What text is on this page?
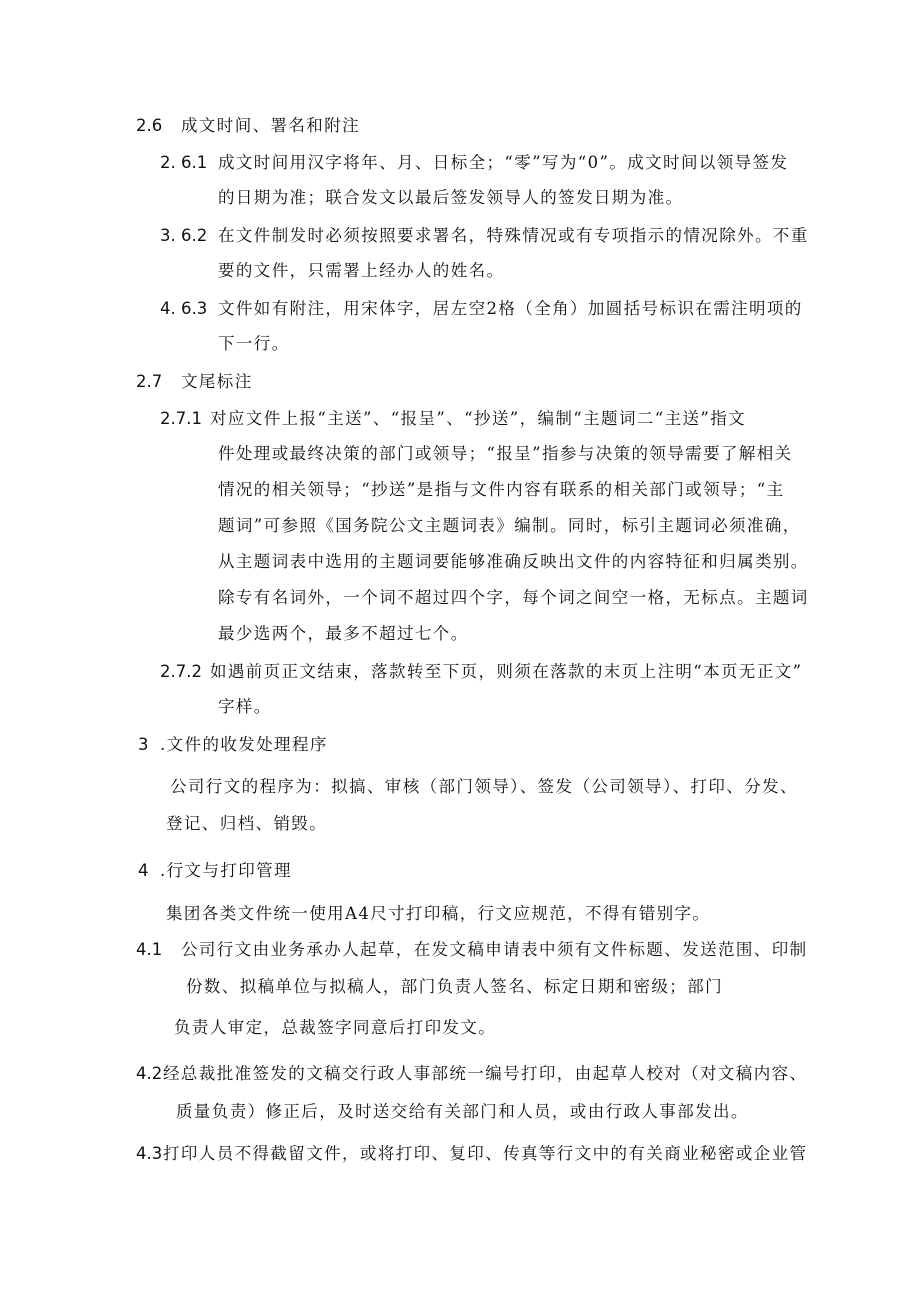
2.6 成文时间、署名和附注
2. 6.1 成文时间用汉字将年、月、日标全；“零”写为“0”。成文时间以领导签发
的日期为准；联合发文以最后签发领导人的签发日期为准。
3. 6.2 在文件制发时必须按照要求署名，特殊情况或有专项指示的情况除外。不重
要的文件，只需署上经办人的姓名。
4. 6.3 文件如有附注，用宋体字，居左空2格（全角）加圆括号标识在需注明项的
下一行。
2.7 文尾标注
2.7.1 对应文件上报“主送”、“报呈”、“抄送”，编制“主题词二“主送”指文
件处理或最终决策的部门或领导；“报呈”指参与决策的领导需要了解相关
情况的相关领导；“抄送”是指与文件内容有联系的相关部门或领导；“主
题词”可参照《国务院公文主题词表》编制。同时，标引主题词必须准确，
从主题词表中选用的主题词要能够准确反映出文件的内容特征和归属类别。
除专有名词外，一个词不超过四个字，每个词之间空一格，无标点。主题词
最少选两个，最多不超过七个。
2.7.2 如遇前页正文结束，落款转至下页，则须在落款的末页上注明“本页无正文”
字样。
3 .文件的收发处理程序
公司行文的程序为：拟搞、审核（部门领导）、签发（公司领导）、打印、分发、
登记、归档、销毁。
4 .行文与打印管理
集团各类文件统一使用A4尺寸打印稿，行文应规范，不得有错别字。
4.1 公司行文由业务承办人起草，在发文稿申请表中须有文件标题、发送范围、印制
份数、拟稿单位与拟稿人，部门负责人签名、标定日期和密级；部门
负责人审定，总裁签字同意后打印发文。
4.2 经总裁批准签发的文稿交行政人事部统一编号打印，由起草人校对（对文稿内容、
质量负责）修正后，及时送交给有关部门和人员，或由行政人事部发出。
4.3 打印人员不得截留文件，或将打印、复印、传真等行文中的有关商业秘密或企业管
